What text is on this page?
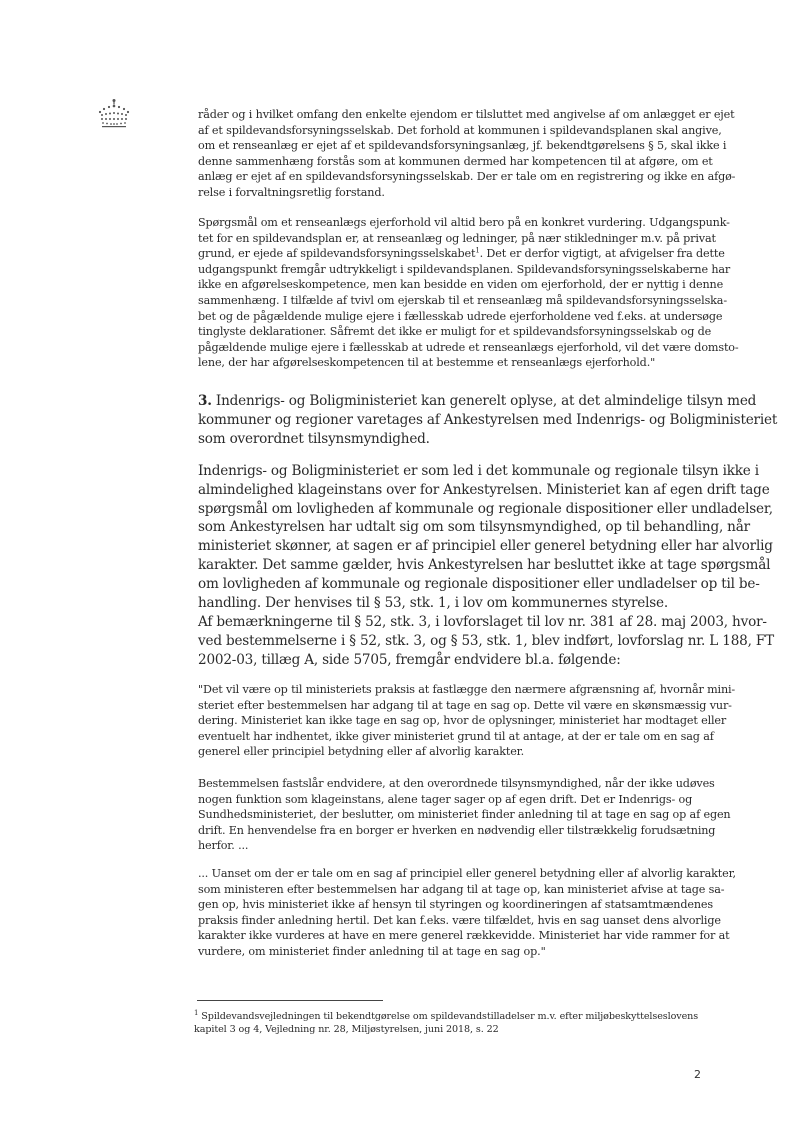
råder og i hvilket omfang den enkelte ejendom er tilsluttet med angivelse af om anlægget er ejet
af et spildevandsforsyningsselskab. Det forhold at kommunen i spildevandsplanen skal angive,
om et renseanlæg er ejet af et spildevandsforsyningsanlæg, jf. bekendtgørelsens § 5, skal ikke i
denne sammenhæng forstås som at kommunen dermed har kompetencen til at afgøre, om et
anlæg er ejet af en spildevandsforsyningsselskab. Der er tale om en registrering og ikke en afgø-
relse i forvaltningsretlig forstand.

Spørgsmål om et renseanlægs ejerforhold vil altid bero på en konkret vurdering. Udgangspunk-
tet for en spildevandsplan er, at renseanlæg og ledninger, på nær stikledninger m.v. på privat
grund, er ejede af spildevandsforsyningsselskabet$^1$. Det er derfor vigtigt, at afvigelser fra dette
udgangspunkt fremgår udtrykkeligt i spildevandsplanen. Spildevandsforsyningsselskaberne har
ikke en afgørelseskompetence, men kan besidde en viden om ejerforhold, der er nyttig i denne
sammenhæng. I tilfælde af tvivl om ejerskab til et renseanlæg må spildevandsforsyningsselska-
bet og de pågældende mulige ejere i fællesskab udrede ejerforholdene ved f.eks. at undersøge
tinglyste deklarationer. Såfremt det ikke er muligt for et spildevandsforsyningsselskab og de
pågældende mulige ejere i fællesskab at udrede et renseanlægs ejerforhold, vil det være domsto-
lene, der har afgørelseskompetencen til at bestemme et renseanlægs ejerforhold."

3. Indenrigs- og Boligministeriet kan generelt oplyse, at det almindelige tilsyn med
kommuner og regioner varetages af Ankestyrelsen med Indenrigs- og Boligministeriet
som overordnet tilsynsmyndighed.

Indenrigs- og Boligministeriet er som led i det kommunale og regionale tilsyn ikke i
almindelighed klageinstans over for Ankestyrelsen. Ministeriet kan af egen drift tage
spørgsmål om lovligheden af kommunale og regionale dispositioner eller undladelser,
som Ankestyrelsen har udtalt sig om som tilsynsmyndighed, op til behandling, når
ministeriet skønner, at sagen er af principiel eller generel betydning eller har alvorlig
karakter. Det samme gælder, hvis Ankestyrelsen har besluttet ikke at tage spørgsmål
om lovligheden af kommunale og regionale dispositioner eller undladelser op til be-
handling. Der henvises til § 53, stk. 1, i lov om kommunernes styrelse.

Af bemærkningerne til § 52, stk. 3, i lovforslaget til lov nr. 381 af 28. maj 2003, hvor-
ved bestemmelserne i § 52, stk. 3, og § 53, stk. 1, blev indført, lovforslag nr. L 188, FT
2002-03, tillæg A, side 5705, fremgår endvidere bl.a. følgende:

"Det vil være op til ministeriets praksis at fastlægge den nærmere afgrænsning af, hvornår mini-
steriet efter bestemmelsen har adgang til at tage en sag op. Dette vil være en skønsmæssig vur-
dering. Ministeriet kan ikke tage en sag op, hvor de oplysninger, ministeriet har modtaget eller
eventuelt har indhentet, ikke giver ministeriet grund til at antage, at der er tale om en sag af
generel eller principiel betydning eller af alvorlig karakter.

Bestemmelsen fastslår endvidere, at den overordnede tilsynsmyndighed, når der ikke udøves
nogen funktion som klageinstans, alene tager sager op af egen drift. Det er Indenrigs- og
Sundhedsministeriet, der beslutter, om ministeriet finder anledning til at tage en sag op af egen
drift. En henvendelse fra en borger er hverken en nødvendig eller tilstrækkelig forudsætning
herfor. ...

... Uanset om der er tale om en sag af principiel eller generel betydning eller af alvorlig karakter,
som ministeren efter bestemmelsen har adgang til at tage op, kan ministeriet afvise at tage sa-
gen op, hvis ministeriet ikke af hensyn til styringen og koordineringen af statsamtmændenes
praksis finder anledning hertil. Det kan f.eks. være tilfældet, hvis en sag uanset dens alvorlige
karakter ikke vurderes at have en mere generel rækkevidde. Ministeriet har vide rammer for at
vurdere, om ministeriet finder anledning til at tage en sag op."

$^1$ Spildevandsvejledningen til bekendtgørelse om spildevandstilladelser m.v. efter miljøbeskyttelseslovens
kapitel 3 og 4, Vejledning nr. 28, Miljøstyrelsen, juni 2018, s. 22

2
